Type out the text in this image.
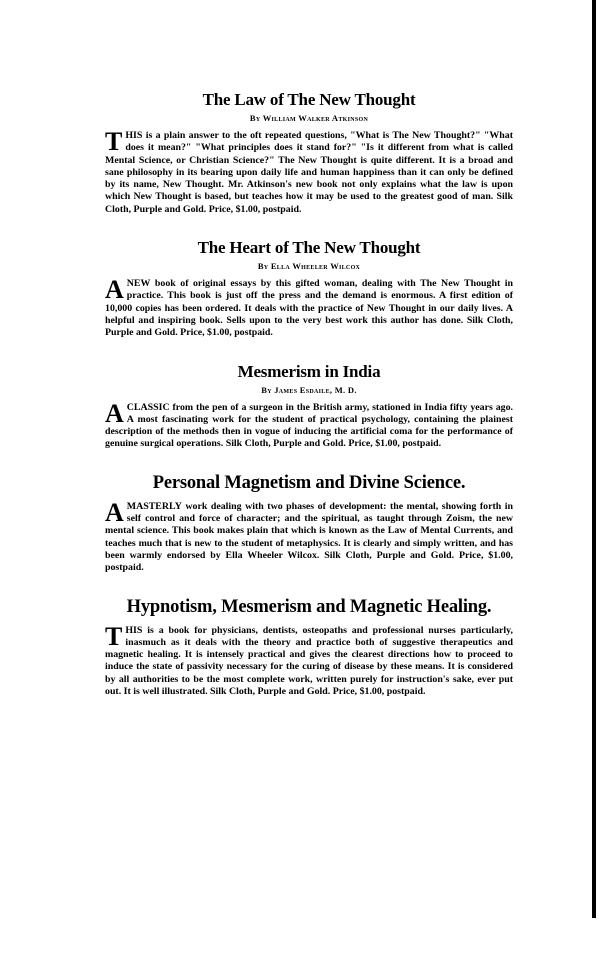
The Law of The New Thought
By William Walker Atkinson

THIS is a plain answer to the oft repeated questions, "What is The New Thought?" "What does it mean?" "What principles does it stand for?" "Is it different from what is called Mental Science, or Christian Science?" The New Thought is quite different. It is a broad and sane philosophy in its bearing upon daily life and human happiness than it can only be defined by its name, New Thought. Mr. Atkinson's new book not only explains what the law is upon which New Thought is based, but teaches how it may be used to the greatest good of man. Silk Cloth, Purple and Gold. Price, $1.00, postpaid.

The Heart of The New Thought
By Ella Wheeler Wilcox

ANEW book of original essays by this gifted woman, dealing with The New Thought in practice. This book is just off the press and the demand is enormous. A first edition of 10,000 copies has been ordered. It deals with the practice of New Thought in our daily lives. A helpful and inspiring book. Sells upon to the very best work this author has done. Silk Cloth, Purple and Gold. Price, $1.00, postpaid.

Mesmerism in India
By James Esdaile, M. D.

ACLASSIC from the pen of a surgeon in the British army, stationed in India fifty years ago. A most fascinating work for the student of practical psychology, containing the plainest description of the methods then in vogue of inducing the artificial coma for the performance of genuine surgical operations. Silk Cloth, Purple and Gold. Price, $1.00, postpaid.

Personal Magnetism and Divine Science.

AMASTERLY work dealing with two phases of development: the mental, showing forth in self control and force of character; and the spiritual, as taught through Zoism, the new mental science. This book makes plain that which is known as the Law of Mental Currents, and teaches much that is new to the student of metaphysics. It is clearly and simply written, and has been warmly endorsed by Ella Wheeler Wilcox. Silk Cloth, Purple and Gold. Price, $1.00, postpaid.

Hypnotism, Mesmerism and Magnetic Healing.

THIS is a book for physicians, dentists, osteopaths and professional nurses particularly, inasmuch as it deals with the theory and practice both of suggestive therapeutics and magnetic healing. It is intensely practical and gives the clearest directions how to proceed to induce the state of passivity necessary for the curing of disease by these means. It is considered by all authorities to be the most complete work, written purely for instruction's sake, ever put out. It is well illustrated. Silk Cloth, Purple and Gold. Price, $1.00, postpaid.
